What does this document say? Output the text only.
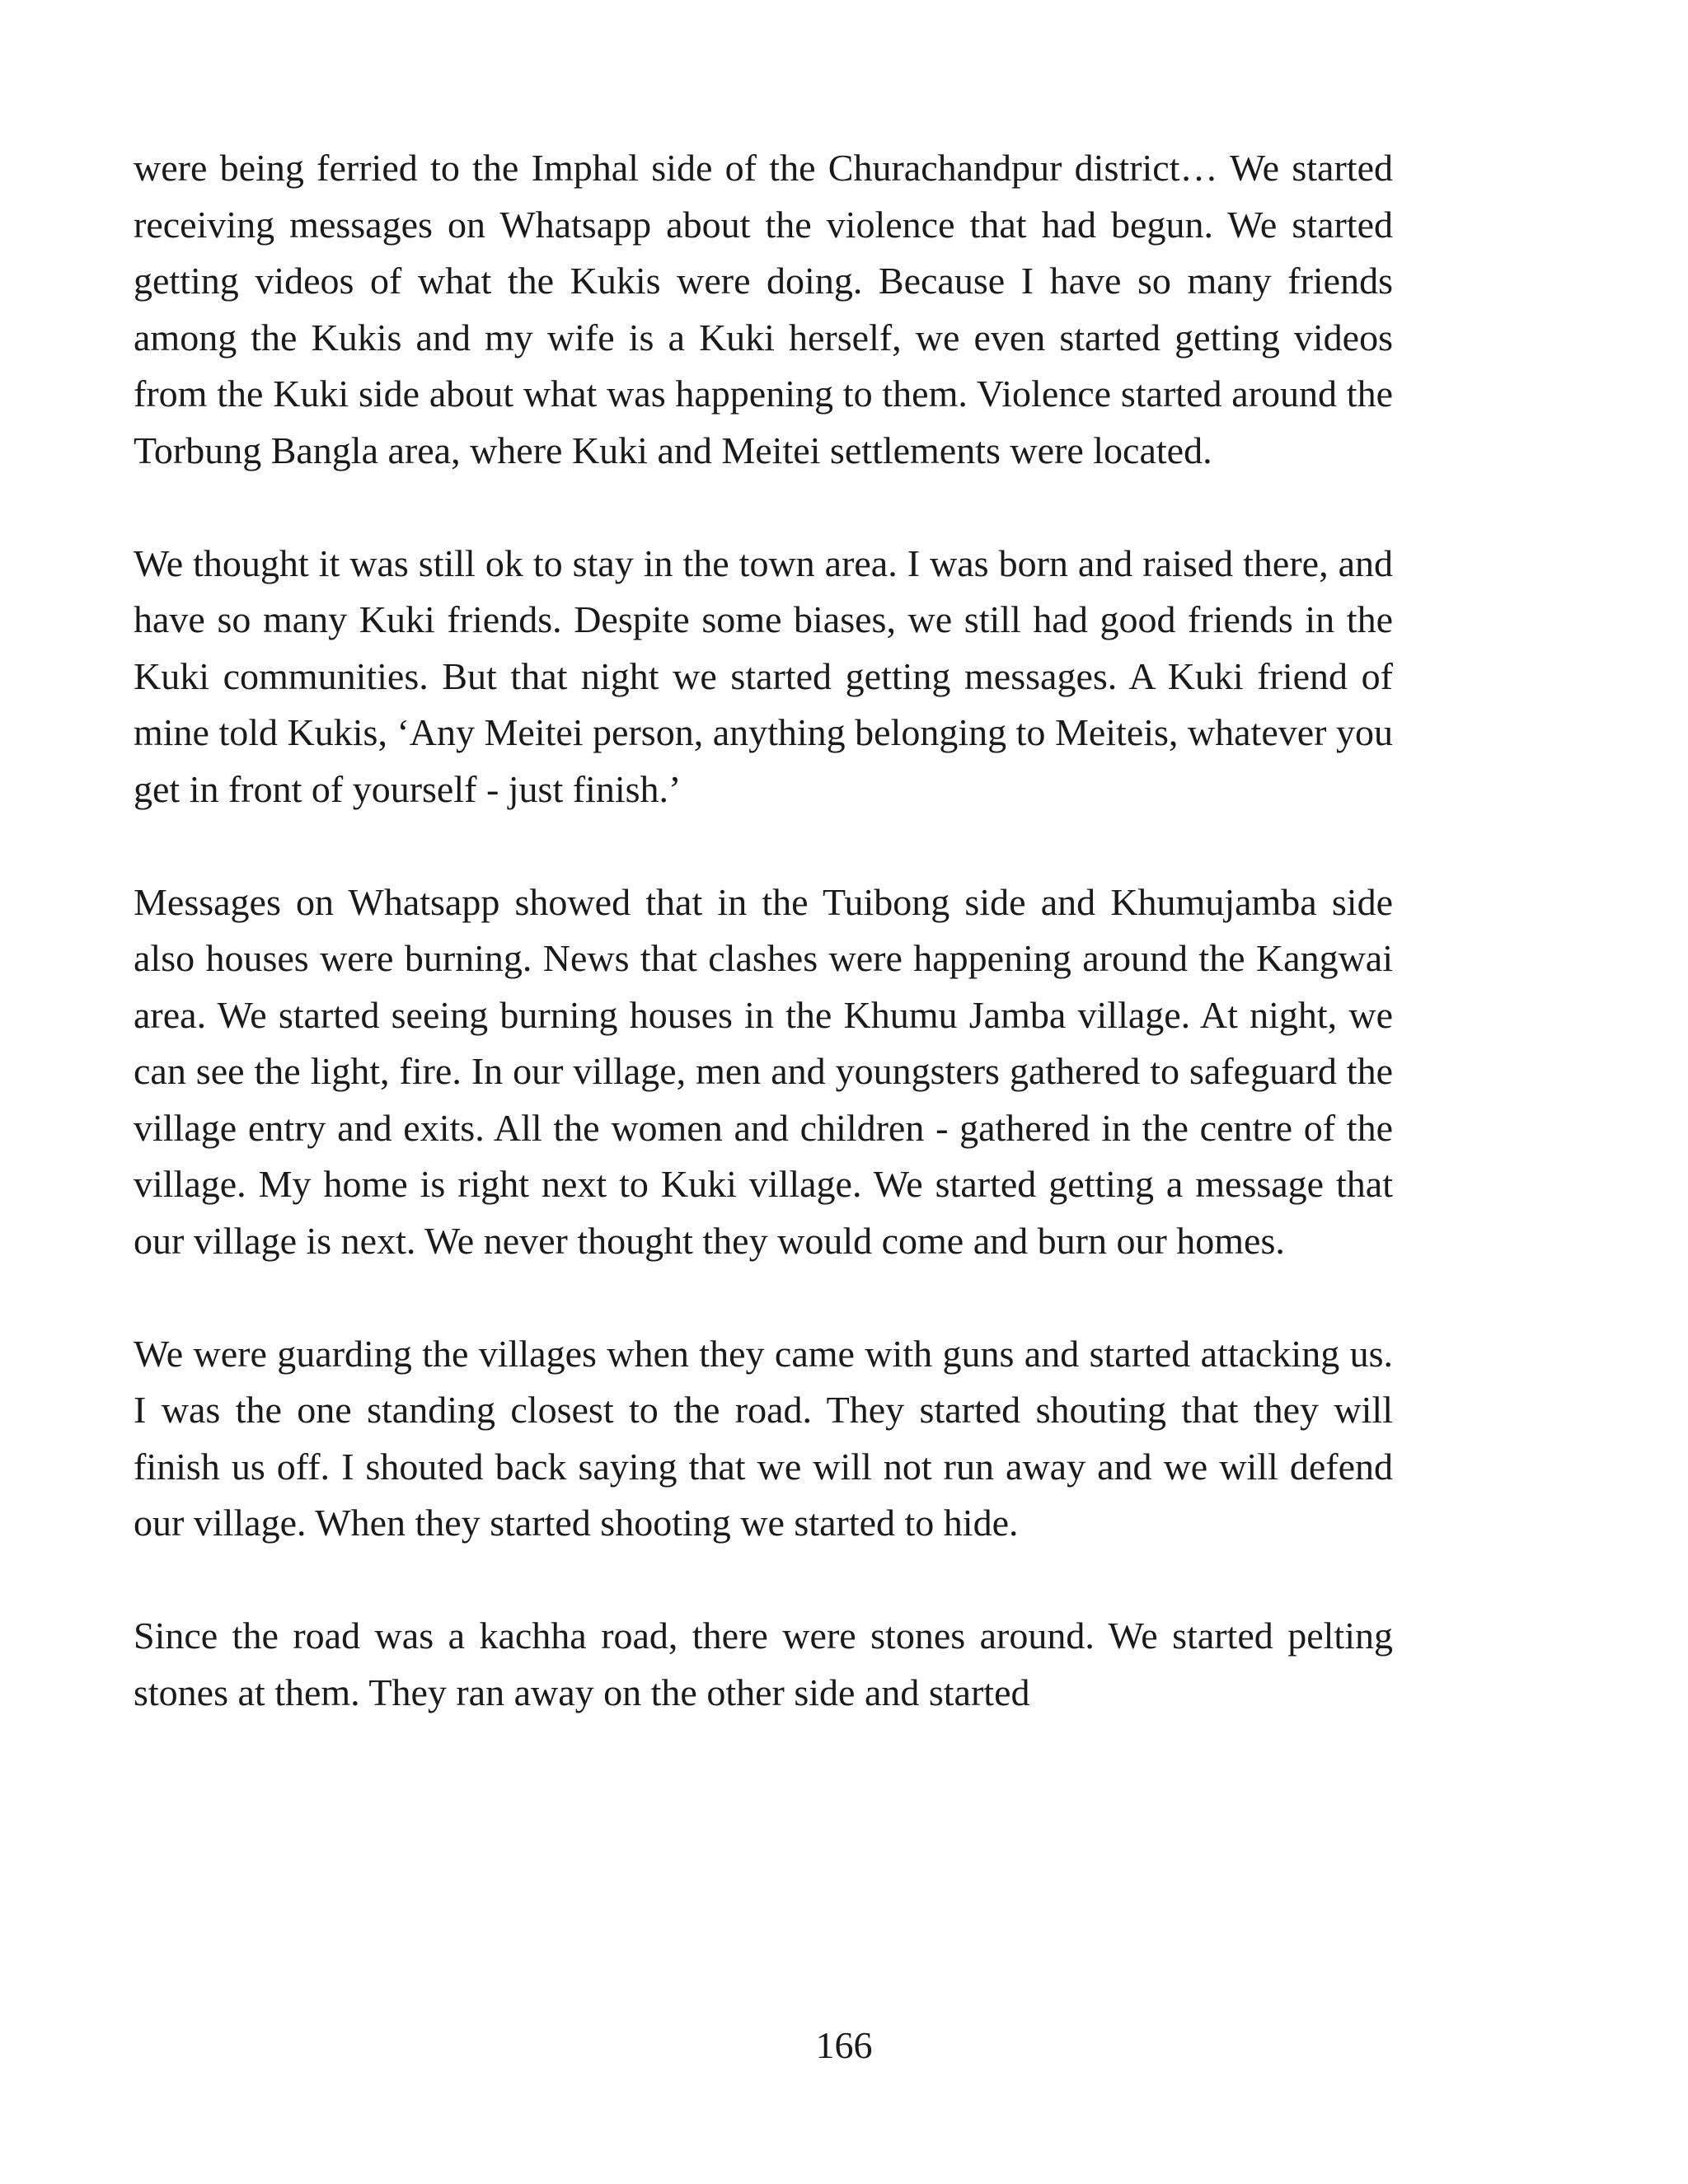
were being ferried to the Imphal side of the Churachandpur district… We started receiving messages on Whatsapp about the violence that had begun. We started getting videos of what the Kukis were doing. Because I have so many friends among the Kukis and my wife is a Kuki herself, we even started getting videos from the Kuki side about what was happening to them. Violence started around the Torbung Bangla area, where Kuki and Meitei settlements were located.

We thought it was still ok to stay in the town area. I was born and raised there, and have so many Kuki friends. Despite some biases, we still had good friends in the Kuki communities. But that night we started getting messages. A Kuki friend of mine told Kukis, ‘Any Meitei person, anything belonging to Meiteis, whatever you get in front of yourself - just finish.’

Messages on Whatsapp showed that in the Tuibong side and Khumujamba side also houses were burning. News that clashes were happening around the Kangwai area. We started seeing burning houses in the Khumu Jamba village. At night, we can see the light, fire. In our village, men and youngsters gathered to safeguard the village entry and exits. All the women and children - gathered in the centre of the village. My home is right next to Kuki village. We started getting a message that our village is next. We never thought they would come and burn our homes.

We were guarding the villages when they came with guns and started attacking us. I was the one standing closest to the road. They started shouting that they will finish us off. I shouted back saying that we will not run away and we will defend our village. When they started shooting we started to hide.

Since the road was a kachha road, there were stones around. We started pelting stones at them. They ran away on the other side and started

166
